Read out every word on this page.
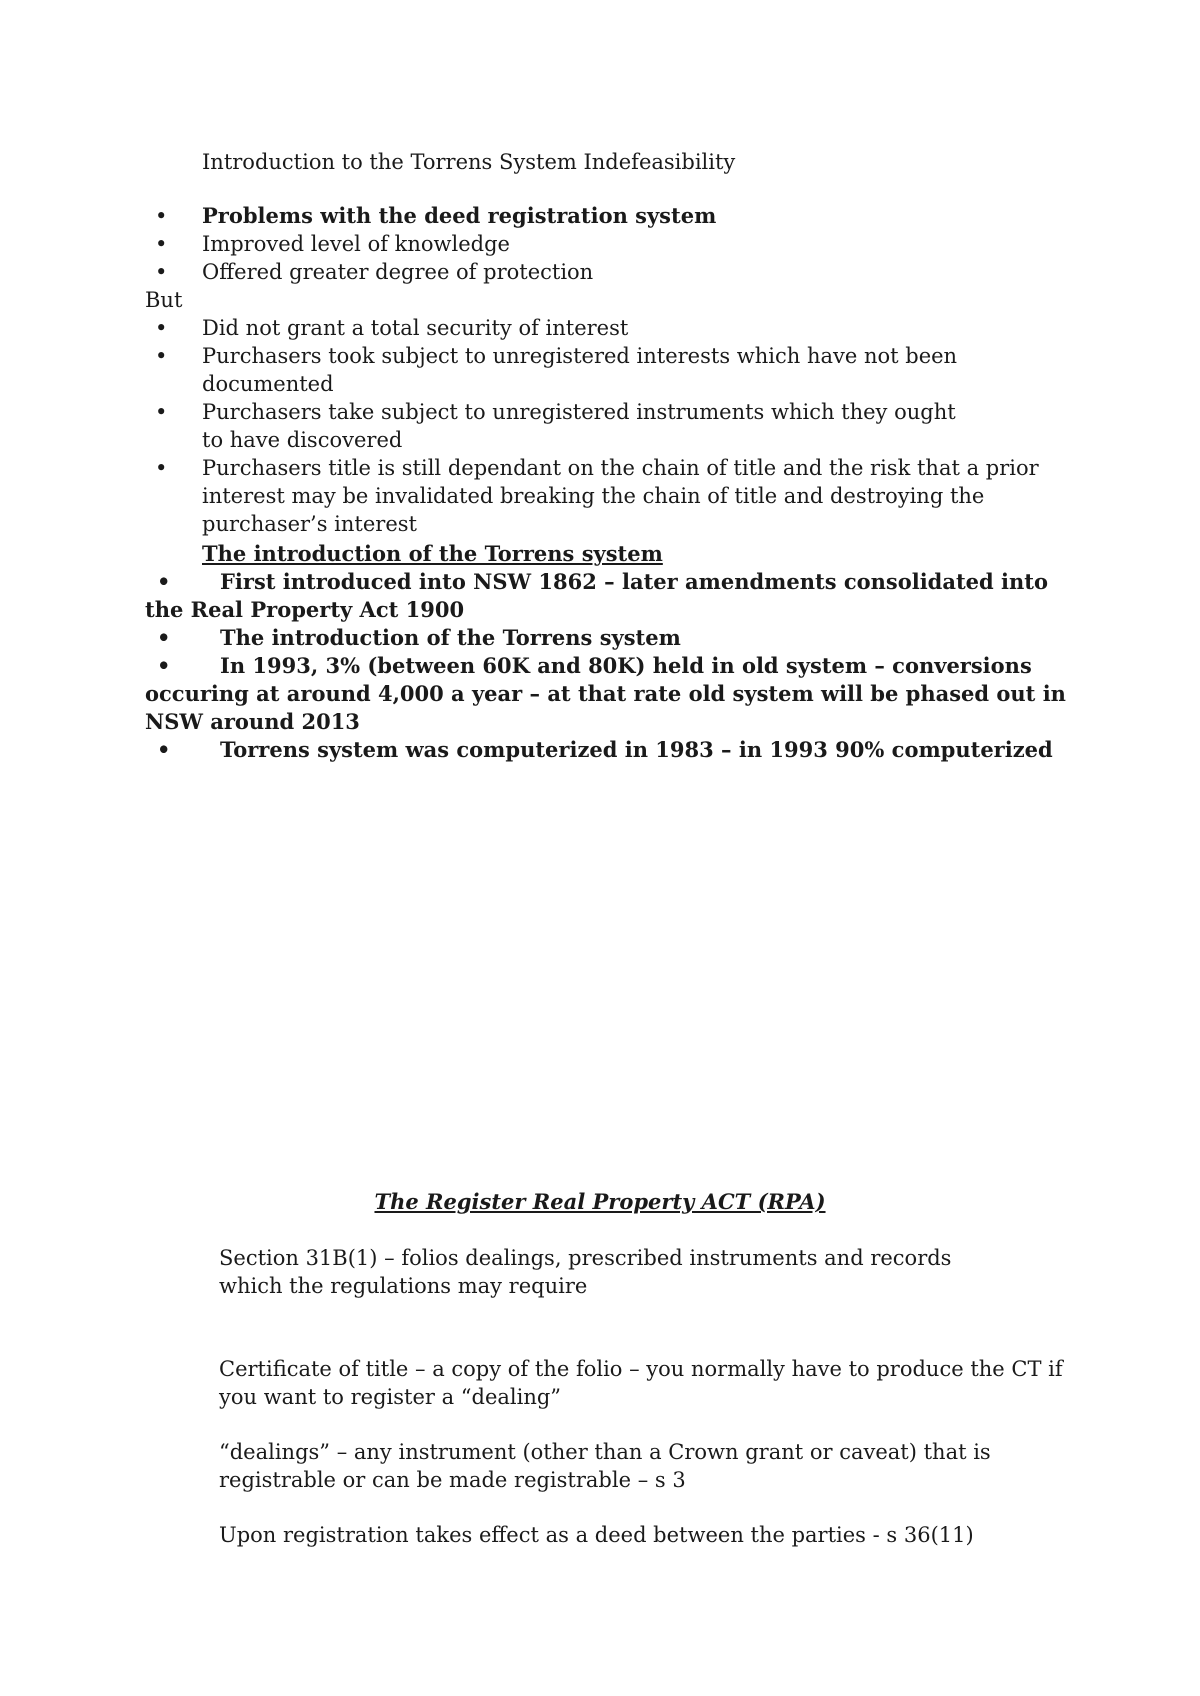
Introduction to the Torrens System Indefeasibility
• Problems with the deed registration system
• Improved level of knowledge
• Offered greater degree of protection
But
• Did not grant a total security of interest
• Purchasers took subject to unregistered interests which have not been documented
• Purchasers take subject to unregistered instruments which they ought to have discovered
• Purchasers title is still dependant on the chain of title and the risk that a prior interest may be invalidated breaking the chain of title and destroying the purchaser’s interest
The introduction of the Torrens system
• First introduced into NSW 1862 – later amendments consolidated into the Real Property Act 1900
• The introduction of the Torrens system
• In 1993, 3% (between 60K and 80K) held in old system – conversions occuring at around 4,000 a year – at that rate old system will be phased out in NSW around 2013
• Torrens system was computerized in 1983 – in 1993 90% computerized
The Register Real Property ACT (RPA)

Section 31B(1) – folios dealings, prescribed instruments and records which the regulations may require

Certificate of title – a copy of the folio – you normally have to produce the CT if you want to register a “dealing”

“dealings” – any instrument (other than a Crown grant or caveat) that is registrable or can be made registrable – s 3

Upon registration takes effect as a deed between the parties - s 36(11)
